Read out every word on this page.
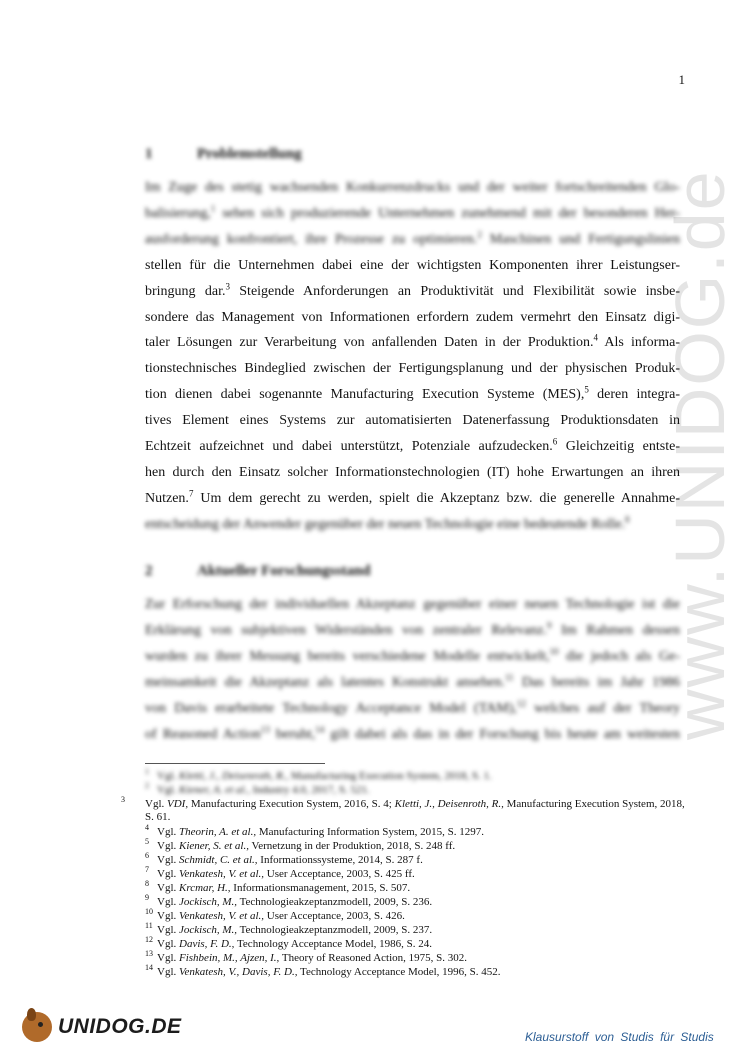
1
www.UNIDOG.de
1	Problemstellung
Im Zuge des stetig wachsenden Konkurrenzdrucks und der weiter fortschreitenden Glo-
balisierung,$^1$ sehen sich produzierende Unternehmen zunehmend mit der besonderen Her-
ausforderung konfrontiert, ihre Prozesse zu optimieren.$^2$ Maschinen und Fertigungslinien
stellen für die Unternehmen dabei eine der wichtigsten Komponenten ihrer Leistungser-
bringung dar.$^3$ Steigende Anforderungen an Produktivität und Flexibilität sowie insbe-
sondere das Management von Informationen erfordern zudem vermehrt den Einsatz digi-
taler Lösungen zur Verarbeitung von anfallenden Daten in der Produktion.$^4$ Als informa-
tionstechnisches Bindeglied zwischen der Fertigungsplanung und der physischen Produk-
tion dienen dabei sogenannte Manufacturing Execution Systeme (MES),$^5$ deren integra-
tives Element eines Systems zur automatisierten Datenerfassung Produktionsdaten in
Echtzeit aufzeichnet und dabei unterstützt, Potenziale aufzudecken.$^6$ Gleichzeitig entste-
hen durch den Einsatz solcher Informationstechnologien (IT) hohe Erwartungen an ihren
Nutzen.$^7$ Um dem gerecht zu werden, spielt die Akzeptanz bzw. die generelle Annahme-
entscheidung der Anwender gegenüber der neuen Technologie eine bedeutende Rolle.$^8$
2	Aktueller Forschungsstand
Zur Erforschung der individuellen Akzeptanz gegenüber einer neuen Technologie ist die
Erklärung von subjektiven Widerständen von zentraler Relevanz.$^9$ Im Rahmen dessen
wurden zu ihrer Messung bereits verschiedene Modelle entwickelt,$^{10}$ die jedoch als Ge-
meinsamkeit die Akzeptanz als latentes Konstrukt ansehen.$^{11}$ Das bereits im Jahr 1986
von Davis erarbeitete Technology Acceptance Model (TAM),$^{12}$ welches auf der Theory
of Reasoned Action$^{13}$ beruht,$^{14}$ gilt dabei als das in der Forschung bis heute am weitesten
1 Vgl. Kletti, J., Deisenroth, R., Manufacturing Execution System, 2018, S. 1.
2 Vgl. Kiener, A. et al., Industry 4.0, 2017, S. 521.
3 Vgl. VDI, Manufacturing Execution System, 2016, S. 4; Kletti, J., Deisenroth, R., Manufacturing Execution System, 2018, S. 61.
4 Vgl. Theorin, A. et al., Manufacturing Information System, 2015, S. 1297.
5 Vgl. Kiener, S. et al., Vernetzung in der Produktion, 2018, S. 248 ff.
6 Vgl. Schmidt, C. et al., Informationssysteme, 2014, S. 287 f.
7 Vgl. Venkatesh, V. et al., User Acceptance, 2003, S. 425 ff.
8 Vgl. Krcmar, H., Informationsmanagement, 2015, S. 507.
9 Vgl. Jockisch, M., Technologieakzeptanzmodell, 2009, S. 236.
10 Vgl. Venkatesh, V. et al., User Acceptance, 2003, S. 426.
11 Vgl. Jockisch, M., Technologieakzeptanzmodell, 2009, S. 237.
12 Vgl. Davis, F. D., Technology Acceptance Model, 1986, S. 24.
13 Vgl. Fishbein, M., Ajzen, I., Theory of Reasoned Action, 1975, S. 302.
14 Vgl. Venkatesh, V., Davis, F. D., Technology Acceptance Model, 1996, S. 452.
UNIDOG.DE	Klausurstoff von Studis für Studis
